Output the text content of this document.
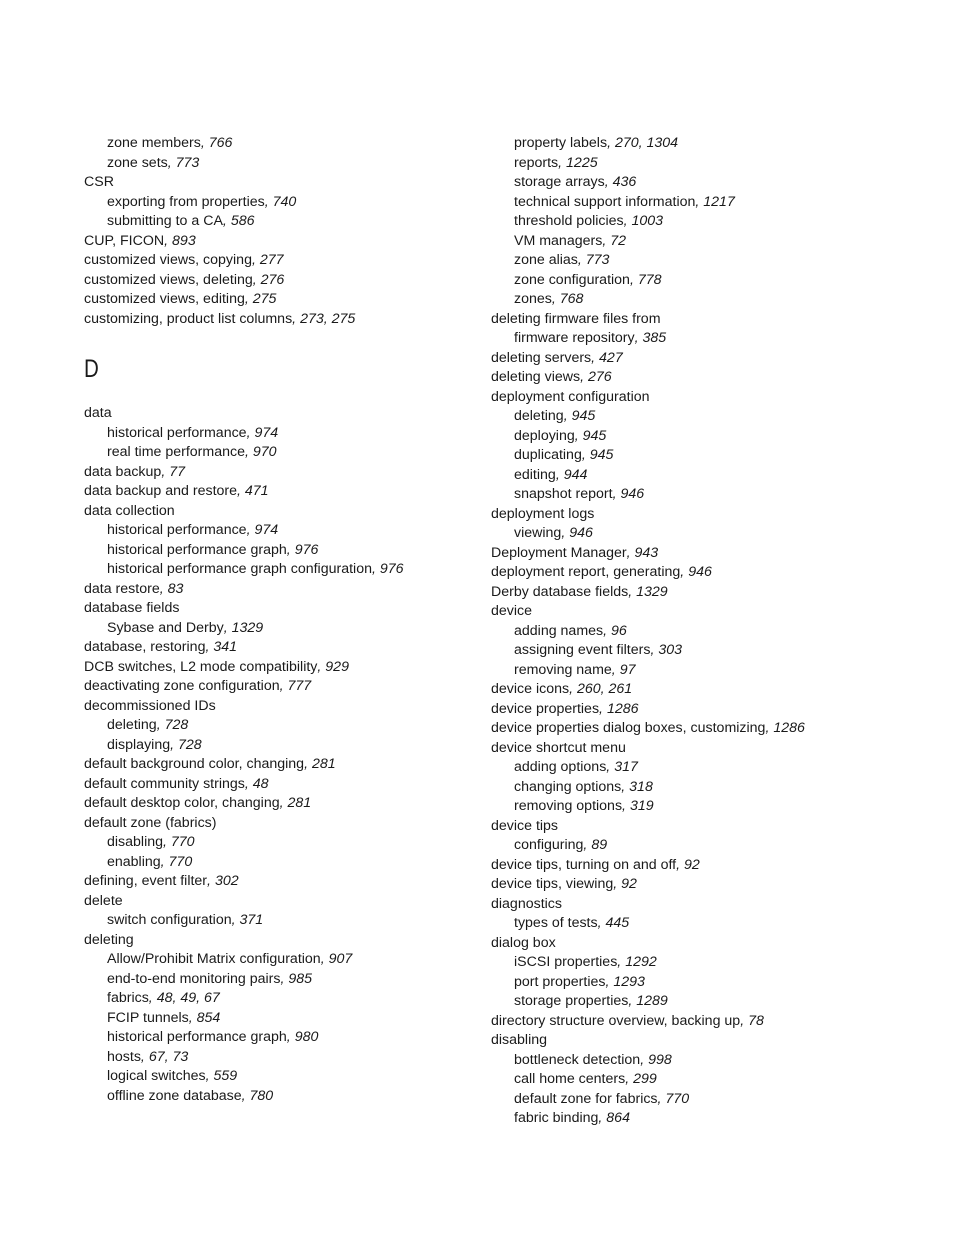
zone members, 766
zone sets, 773
CSR
exporting from properties, 740
submitting to a CA, 586
CUP, FICON, 893
customized views, copying, 277
customized views, deleting, 276
customized views, editing, 275
customizing, product list columns, 273, 275
D
data
historical performance, 974
real time performance, 970
data backup, 77
data backup and restore, 471
data collection
historical performance, 974
historical performance graph, 976
historical performance graph configuration, 976
data restore, 83
database fields
Sybase and Derby, 1329
database, restoring, 341
DCB switches, L2 mode compatibility, 929
deactivating zone configuration, 777
decommissioned IDs
deleting, 728
displaying, 728
default background color, changing, 281
default community strings, 48
default desktop color, changing, 281
default zone (fabrics)
disabling, 770
enabling, 770
defining, event filter, 302
delete
switch configuration, 371
deleting
Allow/Prohibit Matrix configuration, 907
end-to-end monitoring pairs, 985
fabrics, 48, 49, 67
FCIP tunnels, 854
historical performance graph, 980
hosts, 67, 73
logical switches, 559
offline zone database, 780
property labels, 270, 1304
reports, 1225
storage arrays, 436
technical support information, 1217
threshold policies, 1003
VM managers, 72
zone alias, 773
zone configuration, 778
zones, 768
deleting firmware files from
firmware repository, 385
deleting servers, 427
deleting views, 276
deployment configuration
deleting, 945
deploying, 945
duplicating, 945
editing, 944
snapshot report, 946
deployment logs
viewing, 946
Deployment Manager, 943
deployment report, generating, 946
Derby database fields, 1329
device
adding names, 96
assigning event filters, 303
removing name, 97
device icons, 260, 261
device properties, 1286
device properties dialog boxes, customizing, 1286
device shortcut menu
adding options, 317
changing options, 318
removing options, 319
device tips
configuring, 89
device tips, turning on and off, 92
device tips, viewing, 92
diagnostics
types of tests, 445
dialog box
iSCSI properties, 1292
port properties, 1293
storage properties, 1289
directory structure overview, backing up, 78
disabling
bottleneck detection, 998
call home centers, 299
default zone for fabrics, 770
fabric binding, 864
